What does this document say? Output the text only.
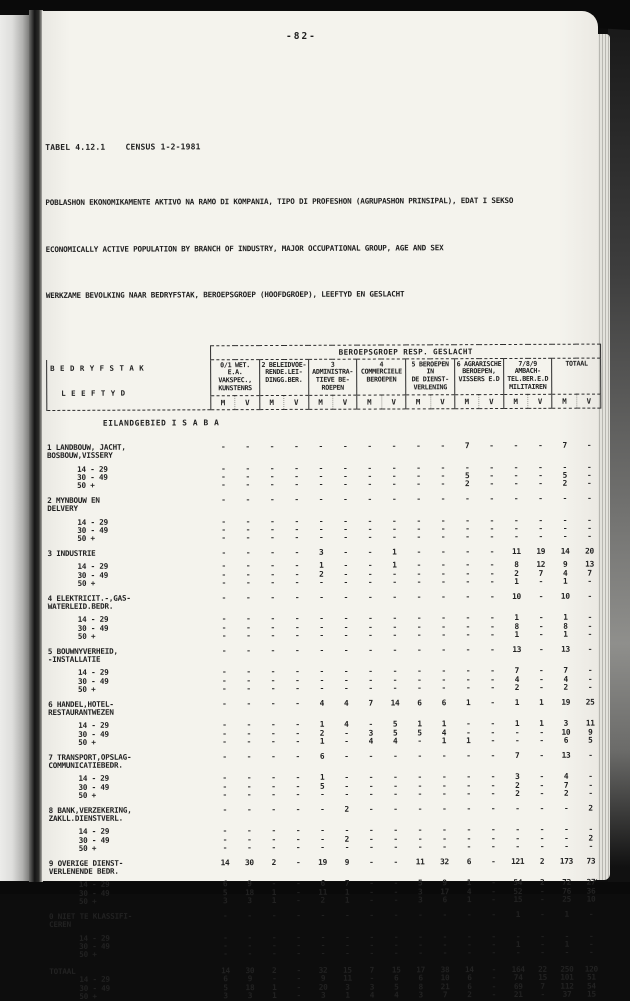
-82-

TABEL 4.12.1    CENSUS 1-2-1981

POBLASHON EKONOMIKAMENTE AKTIVO NA RAMO DI KOMPANIA, TIPO DI PROFESHON (AGRUPASHON PRINSIPAL), EDAT I SEKSO

ECONOMICALLY ACTIVE POPULATION BY BRANCH OF INDUSTRY, MAJOR OCCUPATIONAL GROUP, AGE AND SEX

WERKZAME BEVOLKING NAAR BEDRYFSTAK, BEROEPSGROEP (HOOFDGROEP), LEEFTYD EN GESLACHT

	BEROEPSGROEP RESP. GESLACHT															

B E D R Y F S T A K
L E E F T Y D
	0/1 WET. E.A.
VAKSPEC.,
KUNSTENRS	2 BELEIDVOE-
RENDE.LEI-
DINGG.BER.	3 ADMINISTRA-
TIEVE BE-
ROEPEN	4 COMMERCIELE
BEROEPEN	5 BEROEPEN IN
DE DIENST-
VERLENING	6 AGRARISCHE
BEROEPEN,
VISSERS E.D	7/8/9 AMBACH-
TEL.BER.E.D
MILITAIREN	TOTAAL
	M	V	M	V	M	V	M	V	M	V	M	V	M	V	M	V
EILANDGEBIED I S A B A																
1 LANDBOUW, JACHT,
BOSBOUW,VISSERY	-	-	-	-	-	-	-	-	-	-	7	-	-	-	7	-
14 - 29	-	-	-	-	-	-	-	-	-	-	-	-	-	-	-	-
30 - 49	-	-	-	-	-	-	-	-	-	-	5	-	-	-	5	-
50 +	-	-	-	-	-	-	-	-	-	-	2	-	-	-	2	-
2 MYNBOUW EN
DELVERY	-	-	-	-	-	-	-	-	-	-	-	-	-	-	-	-
14 - 29	-	-	-	-	-	-	-	-	-	-	-	-	-	-	-	-
30 - 49	-	-	-	-	-	-	-	-	-	-	-	-	-	-	-	-
50 +	-	-	-	-	-	-	-	-	-	-	-	-	-	-	-	-
3 INDUSTRIE	-	-	-	-	3	-	-	1	-	-	-	-	11	19	14	20
14 - 29	-	-	-	-	1	-	-	1	-	-	-	-	8	12	9	13
30 - 49	-	-	-	-	2	-	-	-	-	-	-	-	2	7	4	7
50 +	-	-	-	-	-	-	-	-	-	-	-	-	1	-	1	-
4 ELEKTRICIT.-,GAS-
WATERLEID.BEDR.	-	-	-	-	-	-	-	-	-	-	-	-	10	-	10	-
14 - 29	-	-	-	-	-	-	-	-	-	-	-	-	1	-	1	-
30 - 49	-	-	-	-	-	-	-	-	-	-	-	-	8	-	8	-
50 +	-	-	-	-	-	-	-	-	-	-	-	-	1	-	1	-
5 BOUWNYVERHEID,
-INSTALLATIE	-	-	-	-	-	-	-	-	-	-	-	-	13	-	13	-
14 - 29	-	-	-	-	-	-	-	-	-	-	-	-	7	-	7	-
30 - 49	-	-	-	-	-	-	-	-	-	-	-	-	4	-	4	-
50 +	-	-	-	-	-	-	-	-	-	-	-	-	2	-	2	-
6 HANDEL,HOTEL-
RESTAURANTWEZEN	-	-	-	-	4	4	7	14	6	6	1	-	1	1	19	25
14 - 29	-	-	-	-	1	4	-	5	1	1	-	-	1	1	3	11
30 - 49	-	-	-	-	2	-	3	5	5	4	-	-	-	-	10	9
50 +	-	-	-	-	1	-	4	4	-	1	1	-	-	-	6	5
7 TRANSPORT,OPSLAG-
COMMUNICATIEBEDR.	-	-	-	-	6	-	-	-	-	-	-	-	7	-	13	-
14 - 29	-	-	-	-	1	-	-	-	-	-	-	-	3	-	4	-
30 - 49	-	-	-	-	5	-	-	-	-	-	-	-	2	-	7	-
50 +	-	-	-	-	-	-	-	-	-	-	-	-	2	-	2	-
8 BANK,VERZEKERING,
ZAKLL.DIENSTVERL.	-	-	-	-	-	2	-	-	-	-	-	-	-	-	-	2
14 - 29	-	-	-	-	-	-	-	-	-	-	-	-	-	-	-	-
30 - 49	-	-	-	-	-	2	-	-	-	-	-	-	-	-	-	2
50 +	-	-	-	-	-	-	-	-	-	-	-	-	-	-	-	-
9 OVERIGE DIENST-
VERLENENDE BEDR.	14	30	2	-	19	9	-	-	11	32	6	-	121	2	173	73
14 - 29	6	9	-	-	6	7	-	-	5	9	1	-	54	2	72	27
30 - 49	5	18	1	-	11	1	-	-	3	17	4	-	52	-	76	36
50 +	3	3	1	-	2	1	-	-	3	6	1	-	15	-	25	10
0 NIET TE KLASSIFI-
CEREN	-	-	-	-	-	-	-	-	-	-	-	-	1	-	1	-
14 - 29	-	-	-	-	-	-	-	-	-	-	-	-	-	-	-	-
30 - 49	-	-	-	-	-	-	-	-	-	-	-	-	1	-	1	-
50 +	-	-	-	-	-	-	-	-	-	-	-	-	-	-	-	-
TOTAAL	14	30	2	-	32	15	7	15	17	38	14	-	164	22	250	120
14 - 29	6	9	-	-	9	11	-	6	6	10	6	-	74	15	101	51
30 - 49	5	18	1	-	20	3	3	5	8	21	6	-	69	7	112	54
50 +	3	3	1	-	3	1	4	4	3	7	2	-	21	-	37	15
